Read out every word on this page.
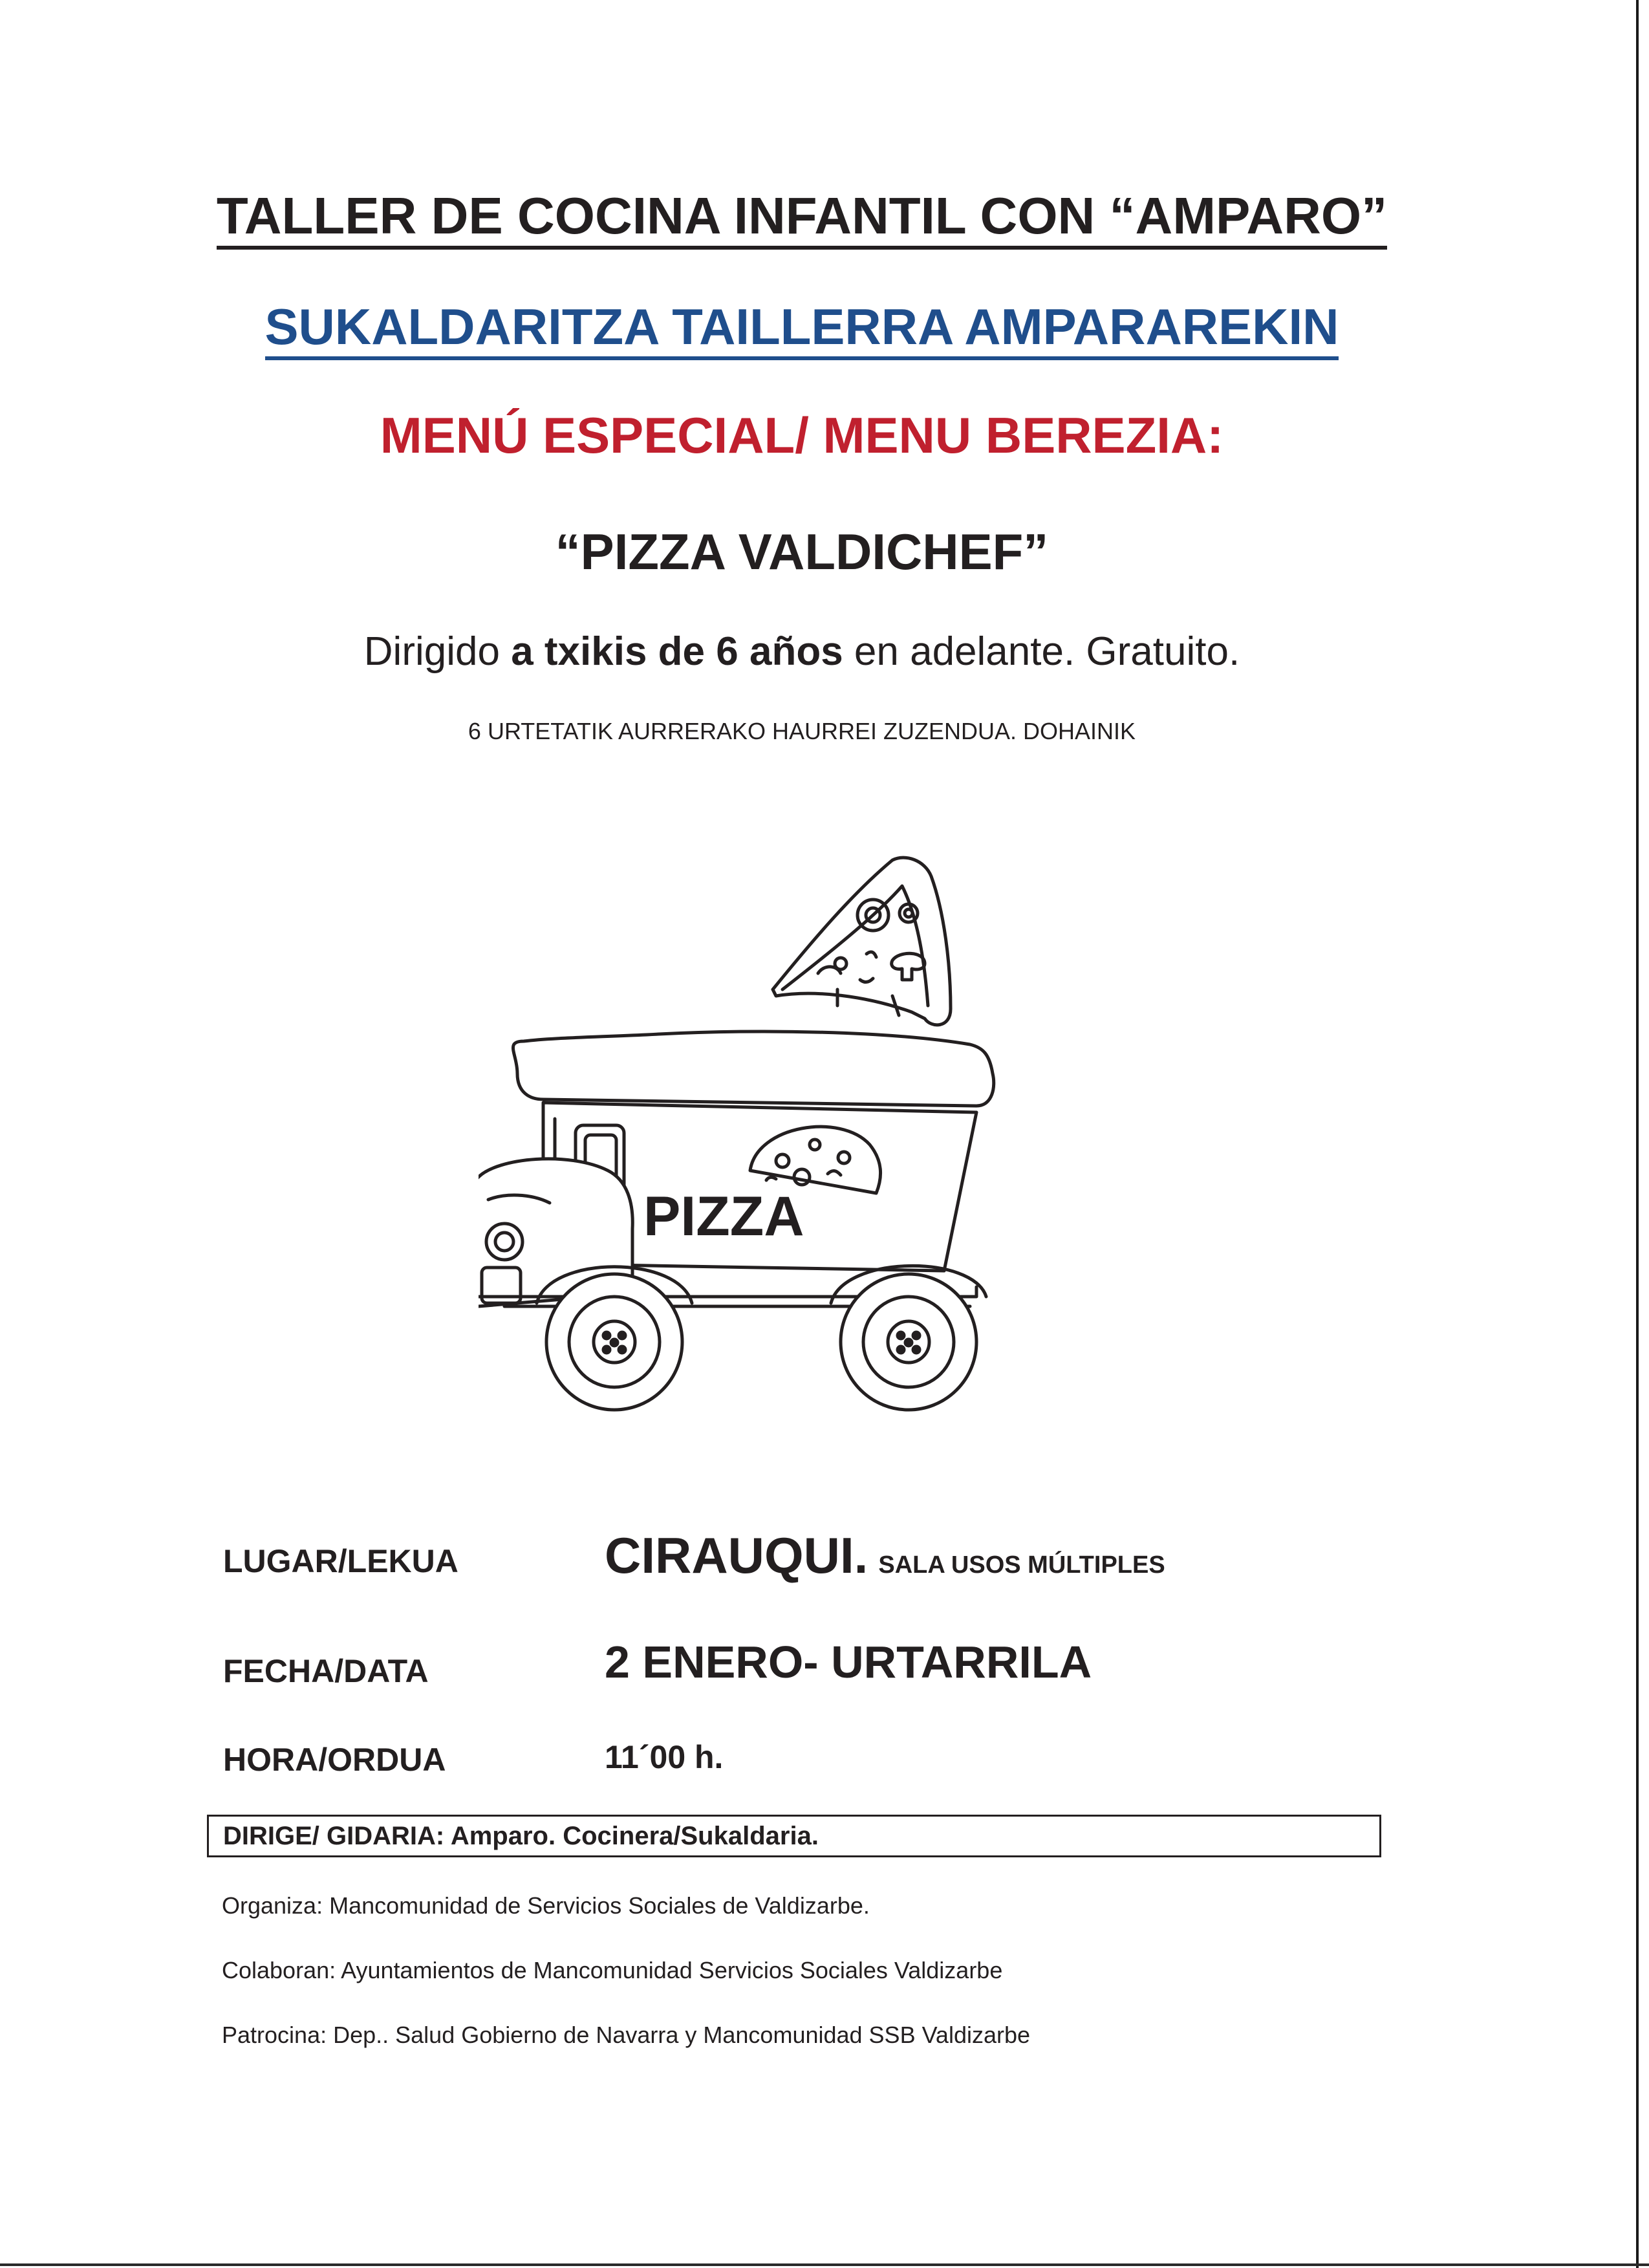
TALLER DE COCINA INFANTIL CON “AMPARO”
SUKALDARITZA TAILLERRA AMPARAREKIN
MENÚ ESPECIAL/ MENU BEREZIA:
“PIZZA VALDICHEF”
Dirigido a txikis de 6 años en adelante. Gratuito.
6 URTETATIK AURRERAKO HAURREI ZUZENDUA. DOHAINIK
PIZZA
LUGAR/LEKUA	CIRAUQUI. SALA USOS MÚLTIPLES
FECHA/DATA	2 ENERO- URTARRILA
HORA/ORDUA	11´00 h.
DIRIGE/ GIDARIA: Amparo. Cocinera/Sukaldaria.
Organiza: Mancomunidad de Servicios Sociales de Valdizarbe.
Colaboran: Ayuntamientos de Mancomunidad Servicios Sociales Valdizarbe
Patrocina: Dep.. Salud Gobierno de Navarra y Mancomunidad SSB Valdizarbe
